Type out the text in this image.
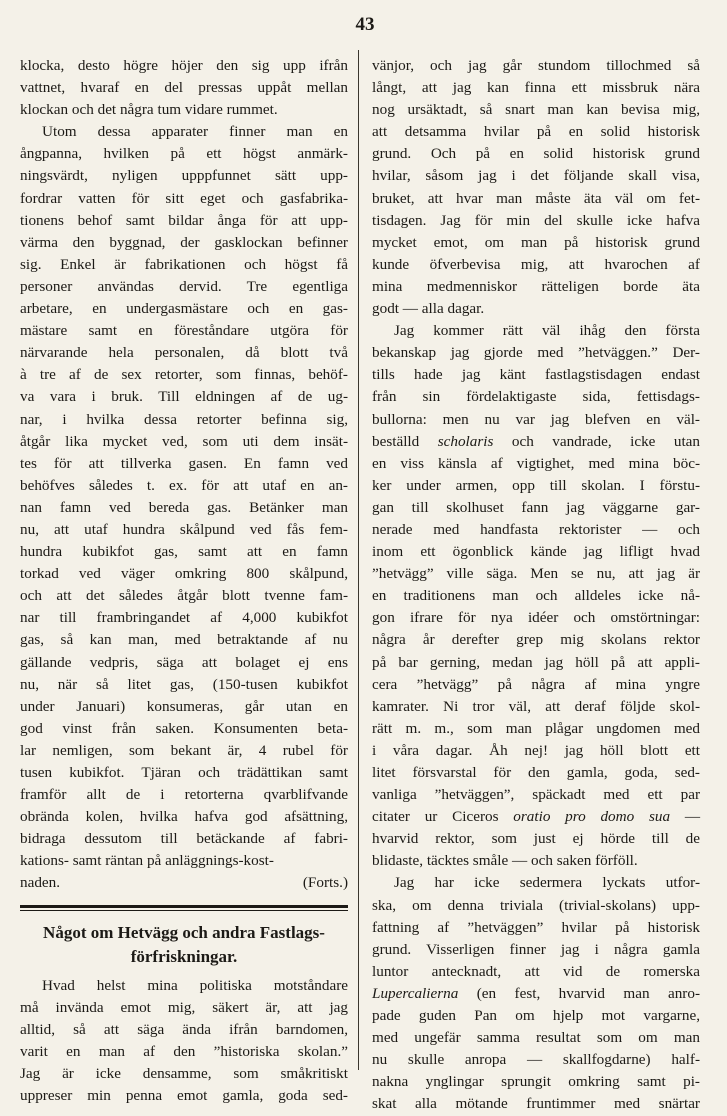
43
klocka, desto högre höjer den sig upp ifrån
vattnet, hvaraf en del pressas uppåt mellan
klockan och det några tum vidare rummet.
Utom dessa apparater finner man en
ångpanna, hvilken på ett högst anmärk-
ningsvärdt, nyligen upppfunnet sätt upp-
fordrar vatten för sitt eget och gasfabrika-
tionens behof samt bildar ånga för att upp-
värma den byggnad, der gasklockan befinner
sig. Enkel är fabrikationen och högst få
personer användas dervid. Tre egentliga
arbetare, en undergasmästare och en gas-
mästare samt en föreståndare utgöra för
närvarande hela personalen, då blott två
à tre af de sex retorter, som finnas, behöf-
va vara i bruk. Till eldningen af de ug-
nar, i hvilka dessa retorter befinna sig,
åtgår lika mycket ved, som uti dem insät-
tes för att tillverka gasen. En famn ved
behöfves således t. ex. för att utaf en an-
nan famn ved bereda gas. Betänker man
nu, att utaf hundra skålpund ved fås fem-
hundra kubikfot gas, samt att en famn
torkad ved väger omkring 800 skålpund,
och att det således åtgår blott tvenne fam-
nar till frambringandet af 4,000 kubikfot
gas, så kan man, med betraktande af nu
gällande vedpris, säga att bolaget ej ens
nu, när så litet gas, (150-tusen kubikfot
under Januari) konsumeras, går utan en
god vinst från saken. Konsumenten beta-
lar nemligen, som bekant är, 4 rubel för
tusen kubikfot. Tjäran och trädättikan samt
framför allt de i retorterna qvarblifvande
obrända kolen, hvilka hafva god afsättning,
bidraga dessutom till betäckande af fabri-
kations- samt räntan på anläggnings-kost-
naden.	(Forts.)
Något om Hetvägg och andra Fastlags-
förfriskningar.
Hvad helst mina politiska motståndare
må invända emot mig, säkert är, att jag
alltid, så att säga ända ifrån barndomen,
varit en man af den ”historiska skolan.”
Jag är icke densamme, som småkritiskt
uppreser min penna emot gamla, goda sed-
vänjor, och jag går stundom tillochmed så
långt, att jag kan finna ett missbruk nära
nog ursäktadt, så snart man kan bevisa mig,
att detsamma hvilar på en solid historisk
grund. Och på en solid historisk grund
hvilar, såsom jag i det följande skall visa,
bruket, att hvar man måste äta väl om fet-
tisdagen. Jag för min del skulle icke hafva
mycket emot, om man på historisk grund
kunde öfverbevisa mig, att hvarochen af
mina medmenniskor rätteligen borde äta
godt — alla dagar.
Jag kommer rätt väl ihåg den första
bekanskap jag gjorde med ”hetväggen.” Der-
tills hade jag känt fastlagstisdagen endast
från sin fördelaktigaste sida, fettisdags-
bullorna: men nu var jag blefven en väl-
beställd scholaris och vandrade, icke utan
en viss känsla af vigtighet, med mina böc-
ker under armen, opp till skolan. I förstu-
gan till skolhuset fann jag väggarne gar-
nerade med handfasta rektorister — och
inom ett ögonblick kände jag lifligt hvad
”hetvägg” ville säga. Men se nu, att jag är
en traditionens man och alldeles icke nå-
gon ifrare för nya idéer och omstörtningar:
några år derefter grep mig skolans rektor
på bar gerning, medan jag höll på att appli-
cera ”hetvägg” på några af mina yngre
kamrater. Ni tror väl, att deraf följde skol-
rätt m. m., som man plågar ungdomen med
i våra dagar. Åh nej! jag höll blott ett
litet försvarstal för den gamla, goda, sed-
vanliga ”hetväggen”, späckadt med ett par
citater ur Ciceros oratio pro domo sua —
hvarvid rektor, som just ej hörde till de
blidaste, täcktes småle — och saken förföll.
Jag har icke sedermera lyckats utfor-
ska, om denna triviala (trivial-skolans) upp-
fattning af ”hetväggen” hvilar på historisk
grund. Visserligen finner jag i några gamla
luntor antecknadt, att vid de romerska
Lupercalierna (en fest, hvarvid man anro-
pade guden Pan om hjelp mot vargarne,
med ungefär samma resultat som om man
nu skulle anropa — skallfogdarne) half-
nakna ynglingar sprungit omkring samt pi-
skat alla mötande fruntimmer med snärtar
